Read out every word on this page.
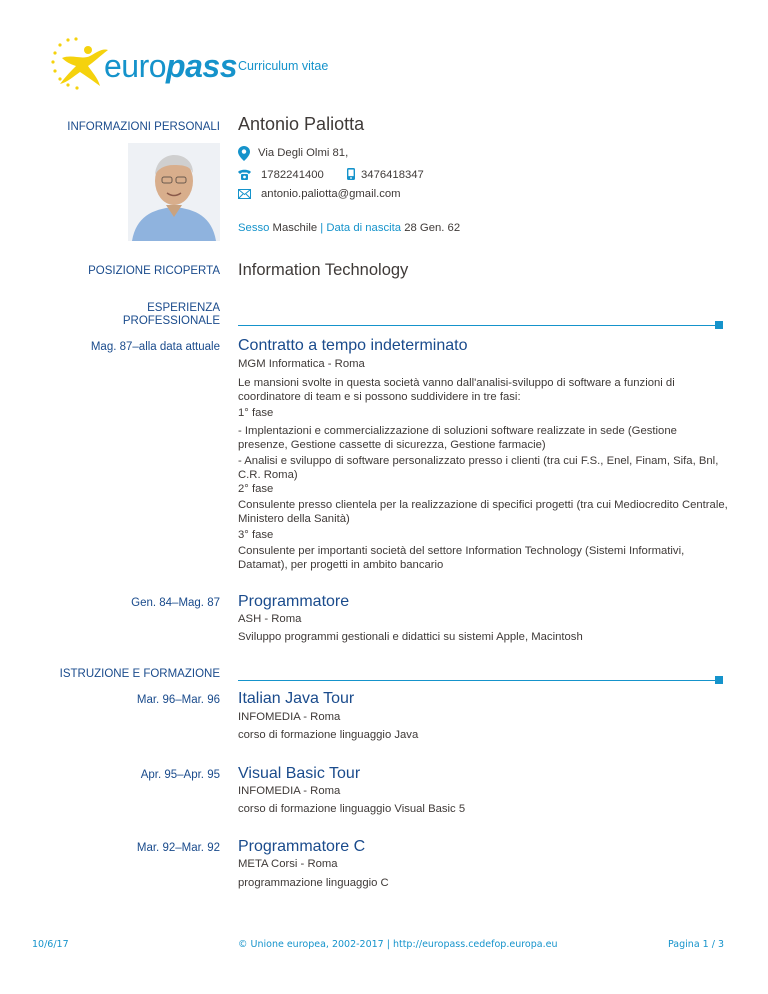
europass Curriculum vitae
INFORMAZIONI PERSONALI Antonio Paliotta
Via Degli Olmi 81,
1782241400	3476418347
antonio.paliotta@gmail.com
Sesso Maschile | Data di nascita 28 Gen. 62
POSIZIONE RICOPERTA Information Technology
ESPERIENZA
PROFESSIONALE
Mag. 87–alla data attuale Contratto a tempo indeterminato
MGM Informatica - Roma
Le mansioni svolte in questa società vanno dall'analisi-sviluppo di software a funzioni di coordinatore di team e si possono suddividere in tre fasi:
1° fase
- Implentazioni e commercializzazione di soluzioni software realizzate in sede (Gestione presenze, Gestione cassette di sicurezza, Gestione farmacie)
- Analisi e sviluppo di software personalizzato presso i clienti (tra cui F.S., Enel, Finam, Sifa, Bnl, C.R. Roma)
2° fase
Consulente presso clientela per la realizzazione di specifici progetti (tra cui Mediocredito Centrale, Ministero della Sanità)
3° fase
Consulente per importanti società del settore Information Technology (Sistemi Informativi, Datamat), per progetti in ambito bancario
Gen. 84–Mag. 87 Programmatore
ASH - Roma
Sviluppo programmi gestionali e didattici su sistemi Apple, Macintosh
ISTRUZIONE E FORMAZIONE
Mar. 96–Mar. 96 Italian Java Tour
INFOMEDIA - Roma
corso di formazione linguaggio Java
Apr. 95–Apr. 95 Visual Basic Tour
INFOMEDIA - Roma
corso di formazione linguaggio Visual Basic 5
Mar. 92–Mar. 92 Programmatore C
META Corsi - Roma
programmazione linguaggio C
10/6/17	© Unione europea, 2002-2017 | http://europass.cedefop.europa.eu	Pagina 1 / 3
